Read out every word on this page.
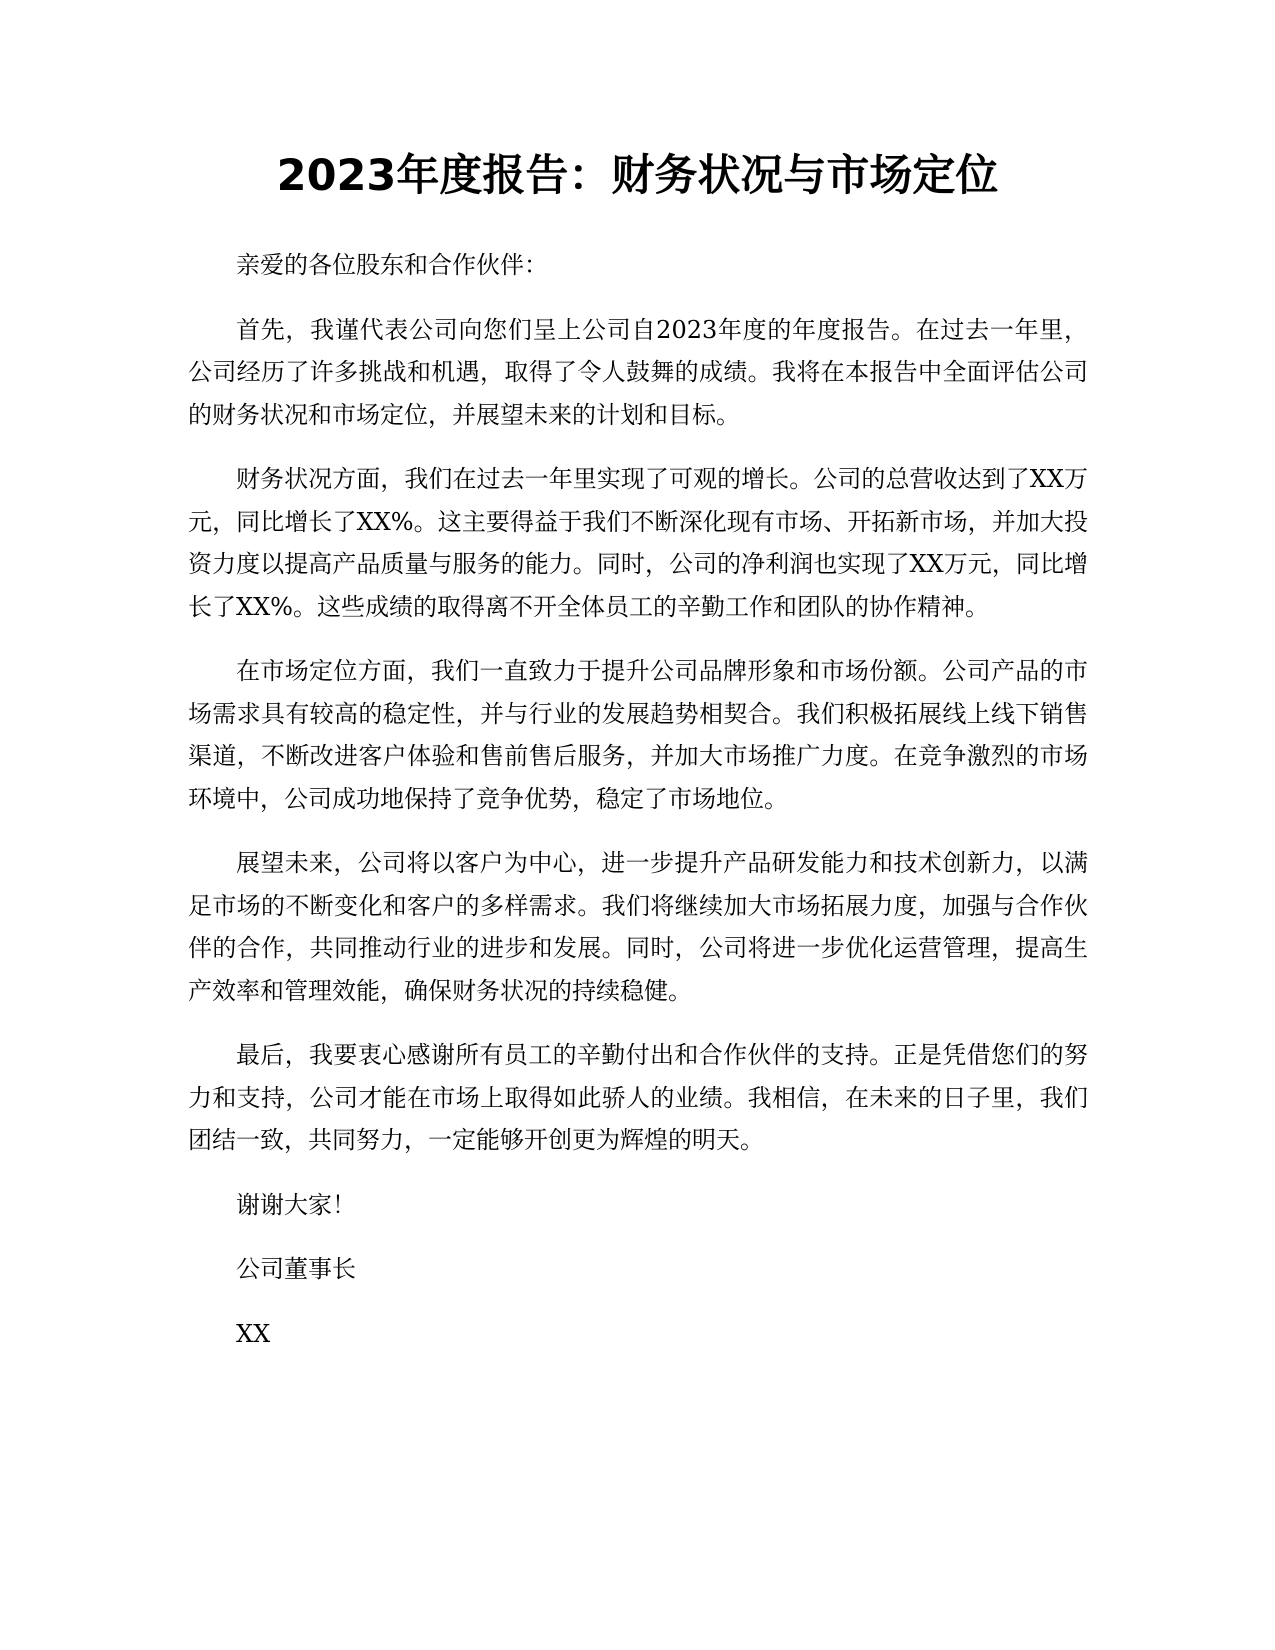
2023年度报告：财务状况与市场定位

亲爱的各位股东和合作伙伴：

首先，我谨代表公司向您们呈上公司自2023年度的年度报告。在过去一年里，公司经历了许多挑战和机遇，取得了令人鼓舞的成绩。我将在本报告中全面评估公司的财务状况和市场定位，并展望未来的计划和目标。

财务状况方面，我们在过去一年里实现了可观的增长。公司的总营收达到了XX万元，同比增长了XX%。这主要得益于我们不断深化现有市场、开拓新市场，并加大投资力度以提高产品质量与服务的能力。同时，公司的净利润也实现了XX万元，同比增长了XX%。这些成绩的取得离不开全体员工的辛勤工作和团队的协作精神。

在市场定位方面，我们一直致力于提升公司品牌形象和市场份额。公司产品的市场需求具有较高的稳定性，并与行业的发展趋势相契合。我们积极拓展线上线下销售渠道，不断改进客户体验和售前售后服务，并加大市场推广力度。在竞争激烈的市场环境中，公司成功地保持了竞争优势，稳定了市场地位。

展望未来，公司将以客户为中心，进一步提升产品研发能力和技术创新力，以满足市场的不断变化和客户的多样需求。我们将继续加大市场拓展力度，加强与合作伙伴的合作，共同推动行业的进步和发展。同时，公司将进一步优化运营管理，提高生产效率和管理效能，确保财务状况的持续稳健。

最后，我要衷心感谢所有员工的辛勤付出和合作伙伴的支持。正是凭借您们的努力和支持，公司才能在市场上取得如此骄人的业绩。我相信，在未来的日子里，我们团结一致，共同努力，一定能够开创更为辉煌的明天。

谢谢大家！

公司董事长

XX
